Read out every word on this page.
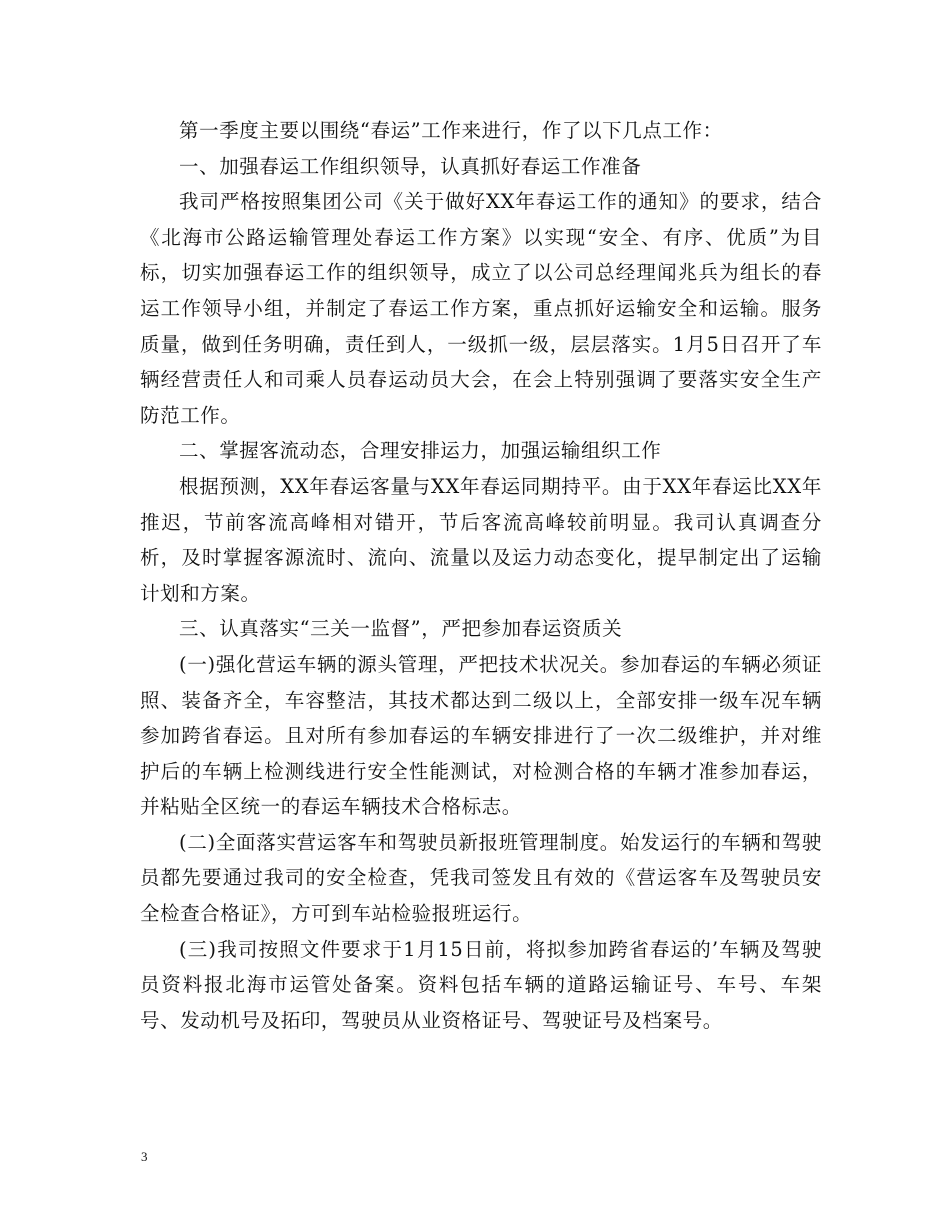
第一季度主要以围绕“春运”工作来进行，作了以下几点工作：

一、加强春运工作组织领导，认真抓好春运工作准备

我司严格按照集团公司《关于做好XX年春运工作的通知》的要求，结合《北海市公路运输管理处春运工作方案》以实现“安全、有序、优质”为目标，切实加强春运工作的组织领导，成立了以公司总经理闻兆兵为组长的春运工作领导小组，并制定了春运工作方案，重点抓好运输安全和运输。服务质量，做到任务明确，责任到人，一级抓一级，层层落实。1月5日召开了车辆经营责任人和司乘人员春运动员大会，在会上特别强调了要落实安全生产防范工作。

二、掌握客流动态，合理安排运力，加强运输组织工作

根据预测，XX年春运客量与XX年春运同期持平。由于XX年春运比XX年推迟，节前客流高峰相对错开，节后客流高峰较前明显。我司认真调查分析，及时掌握客源流时、流向、流量以及运力动态变化，提早制定出了运输计划和方案。

三、认真落实“三关一监督”，严把参加春运资质关

(一)强化营运车辆的源头管理，严把技术状况关。参加春运的车辆必须证照、装备齐全，车容整洁，其技术都达到二级以上，全部安排一级车况车辆参加跨省春运。且对所有参加春运的车辆安排进行了一次二级维护，并对维护后的车辆上检测线进行安全性能测试，对检测合格的车辆才准参加春运，并粘贴全区统一的春运车辆技术合格标志。

(二)全面落实营运客车和驾驶员新报班管理制度。始发运行的车辆和驾驶员都先要通过我司的安全检查，凭我司签发且有效的《营运客车及驾驶员安全检查合格证》，方可到车站检验报班运行。

(三)我司按照文件要求于1月15日前，将拟参加跨省春运的’车辆及驾驶员资料报北海市运管处备案。资料包括车辆的道路运输证号、车号、车架号、发动机号及拓印，驾驶员从业资格证号、驾驶证号及档案号。

3
